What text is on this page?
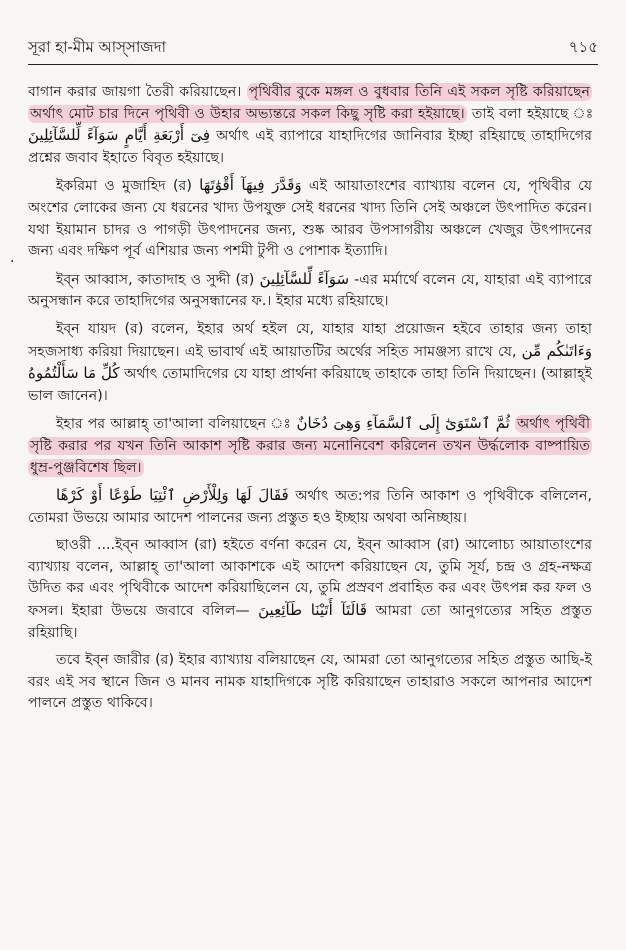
সূরা হা-মীম আস্‌সাজদা	৭১৫
.

বাগান করার জায়গা তৈরী করিয়াছেন। পৃথিবীর বুকে মঙ্গল ও বুধবার তিনি এই সকল সৃষ্টি করিয়াছেন অর্থাৎ মোট চার দিনে পৃথিবী ও উহার অভ্যন্তরে সকল কিছু সৃষ্টি করা হইয়াছে। তাই বলা হইয়াছে ঃ فِىٓ أَرْبَعَةِ أَيَّامٍ سَوَآءً لِّلسَّآئِلِينَ অর্থাৎ এই ব্যাপারে যাহাদিগের জানিবার ইচ্ছা রহিয়াছে তাহাদিগের প্রশ্নের জবাব ইহাতে বিবৃত হইয়াছে।

ইকরিমা ও মুজাহিদ (র) وَقَدَّرَ فِيهَآ أَقْوَٰتَهَا এই আয়াতাংশের ব্যাখ্যায় বলেন যে, পৃথিবীর যে অংশের লোকের জন্য যে ধরনের খাদ্য উপযুক্ত সেই ধরনের খাদ্য তিনি সেই অঞ্চলে উৎপাদিত করেন। যথা ইয়ামান চাদর ও পাগড়ী উৎপাদনের জন্য, শুষ্ক আরব উপসাগরীয় অঞ্চলে খেজুর উৎপাদনের জন্য এবং দক্ষিণ পূর্ব এশিয়ার জন্য পশমী টুপী ও পোশাক ইত্যাদি।

ইব্‌ন আব্বাস, কাতাদাহ ও সুদ্দী (র) سَوَآءً لِّلسَّآئِلِينَ -এর মর্মার্থে বলেন যে, যাহারা এই ব্যাপারে অনুসন্ধান করে তাহাদিগের অনুসন্ধানের ফ.। ইহার মধ্যে রহিয়াছে।

ইব্‌ন যায়দ (র) বলেন, ইহার অর্থ হইল যে, যাহার যাহা প্রয়োজন হইবে তাহার জন্য তাহা সহজসাধ্য করিয়া দিয়াছেন। এই ভাবার্থ এই আয়াতটির অর্থের সহিত সামঞ্জস্য রাখে যে, وَءَاتَىٰكُم مِّن كُلِّ مَا سَأَلْتُمُوهُ অর্থাৎ তোমাদিগের যে যাহা প্রার্থনা করিয়াছে তাহাকে তাহা তিনি দিয়াছেন। (আল্লাহ্‌ই ভাল জানেন)।

ইহার পর আল্লাহ্ তা'আলা বলিয়াছেন ঃ ثُمَّ ٱسْتَوَىٰٓ إِلَى ٱلسَّمَآءِ وَهِىَ دُخَانٌ অর্থাৎ পৃথিবী সৃষ্টি করার পর যখন তিনি আকাশ সৃষ্টি করার জন্য মনোনিবেশ করিলেন তখন উর্দ্ধলোক বাষ্পায়িত ধুম্র-পুঞ্জবিশেষ ছিল।

فَقَالَ لَهَا وَلِلْأَرْضِ ٱئْتِيَا طَوْعًا أَوْ كَرْهًا অর্থাৎ অত:পর তিনি আকাশ ও পৃথিবীকে বলিলেন, তোমরা উভয়ে আমার আদেশ পালনের জন্য প্রস্তুত হও ইচ্ছায় অথবা অনিচ্ছায়।

ছাওরী ....ইব্‌ন আব্বাস (রা) হইতে বর্ণনা করেন যে, ইব্‌ন আব্বাস (রা) আলোচ্য আয়াতাংশের ব্যাখ্যায় বলেন, আল্লাহ্ তা'আলা আকাশকে এই আদেশ করিয়াছেন যে, তুমি সূর্য, চন্দ্র ও গ্রহ-নক্ষত্র উদিত কর এবং পৃথিবীকে আদেশ করিয়াছিলেন যে, তুমি প্রস্রবণ প্রবাহিত কর এবং উৎপন্ন কর ফল ও ফসল। ইহারা উভয়ে জবাবে বলিল— قَالَتَآ أَتَيْنَا طَآئِعِينَ আমরা তো আনুগত্যের সহিত প্রস্তুত রহিয়াছি।

তবে ইব্‌ন জারীর (র) ইহার ব্যাখ্যায় বলিয়াছেন যে, আমরা তো আনুগত্যের সহিত প্রস্তুত আছি-ই বরং এই সব স্থানে জিন ও মানব নামক যাহাদিগকে সৃষ্টি করিয়াছেন তাহারাও সকলে আপনার আদেশ পালনে প্রস্তুত থাকিবে।
